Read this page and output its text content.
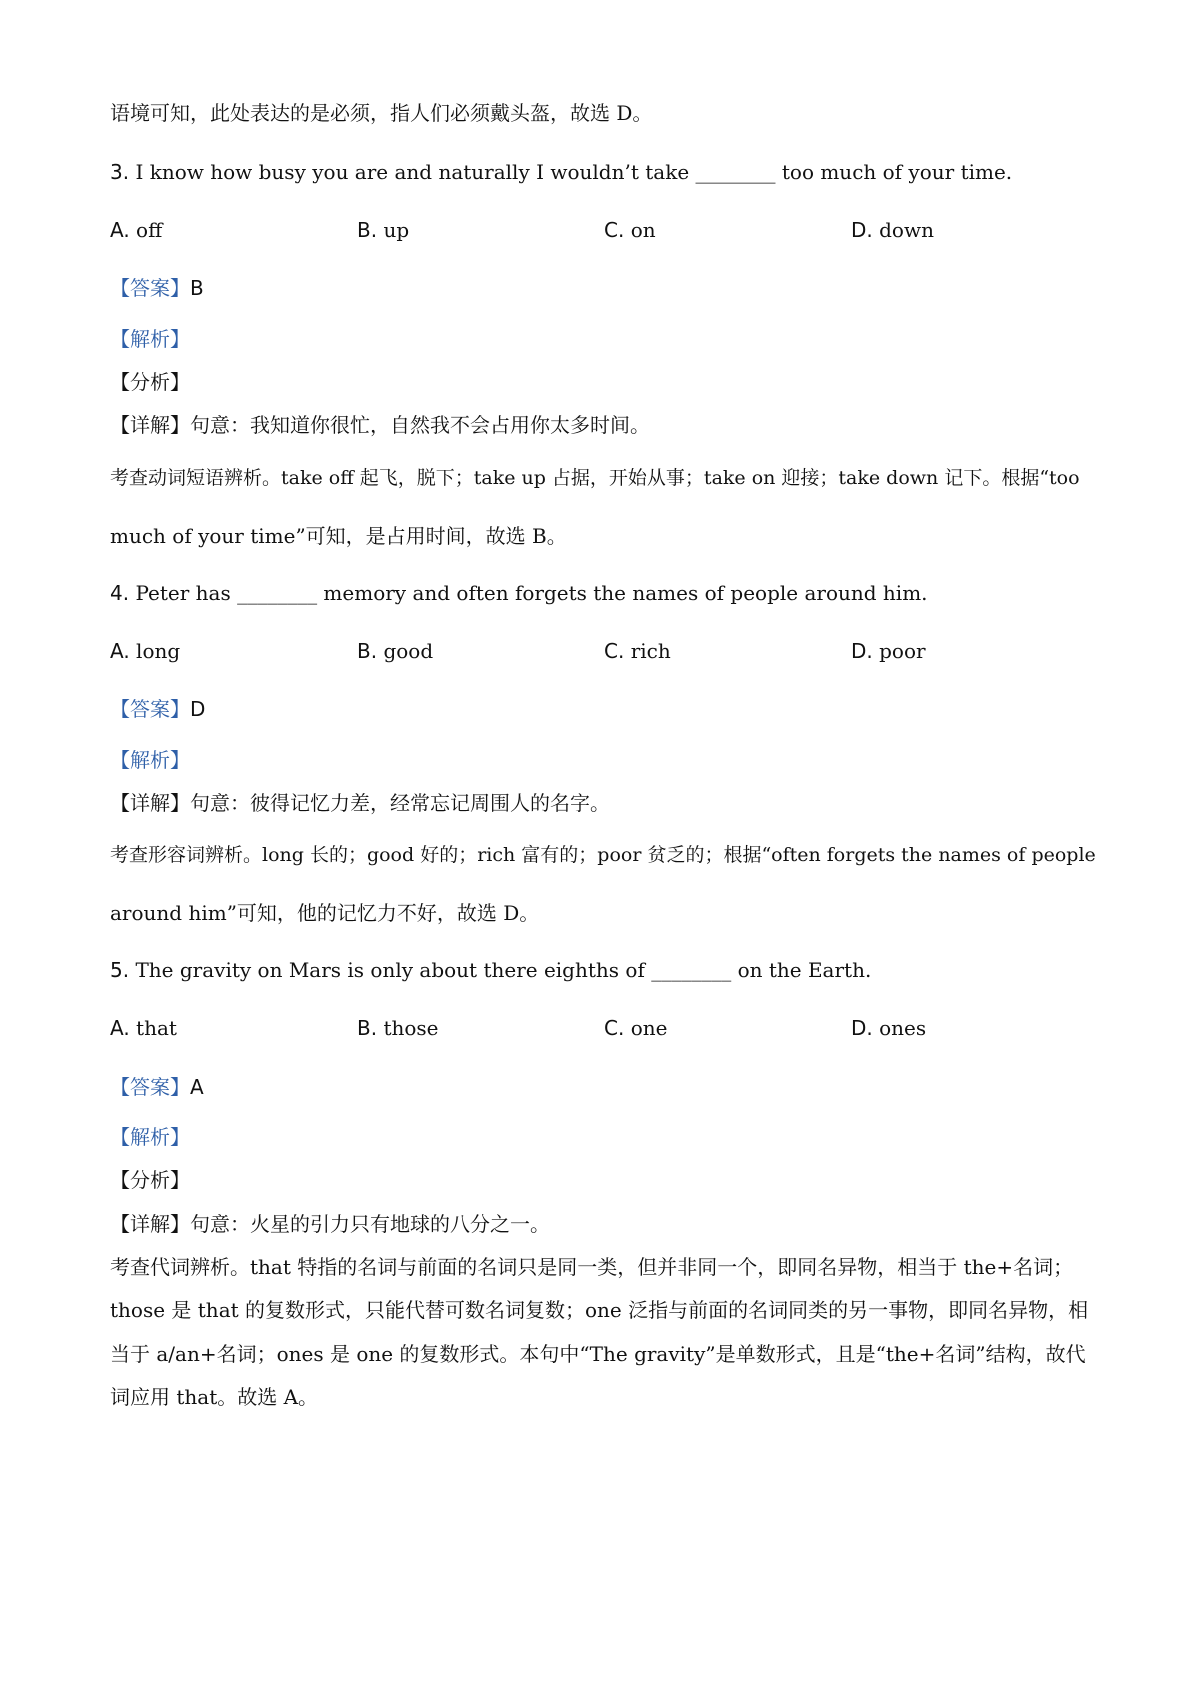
语境可知，此处表达的是必须，指人们必须戴头盔，故选 D。
3. I know how busy you are and naturally I wouldn’t take ________ too much of your time.
A. off	B. up	C. on	D. down
【答案】B
【解析】
【分析】
【详解】句意：我知道你很忙，自然我不会占用你太多时间。
考查动词短语辨析。take off 起飞，脱下；take up 占据，开始从事；take on 迎接；take down 记下。根据“too
much of your time”可知，是占用时间，故选 B。
4. Peter has ________ memory and often forgets the names of people around him.
A. long	B. good	C. rich	D. poor
【答案】D
【解析】
【详解】句意：彼得记忆力差，经常忘记周围人的名字。
考查形容词辨析。long 长的；good 好的；rich 富有的；poor 贫乏的；根据“often forgets the names of people
around him”可知，他的记忆力不好，故选 D。
5. The gravity on Mars is only about there eighths of ________ on the Earth.
A. that	B. those	C. one	D. ones
【答案】A
【解析】
【分析】
【详解】句意：火星的引力只有地球的八分之一。
考查代词辨析。that 特指的名词与前面的名词只是同一类，但并非同一个，即同名异物，相当于 the+名词；
those 是 that 的复数形式，只能代替可数名词复数；one 泛指与前面的名词同类的另一事物，即同名异物，相
当于 a/an+名词；ones 是 one 的复数形式。本句中“The gravity”是单数形式，且是“the+名词”结构，故代
词应用 that。故选 A。
